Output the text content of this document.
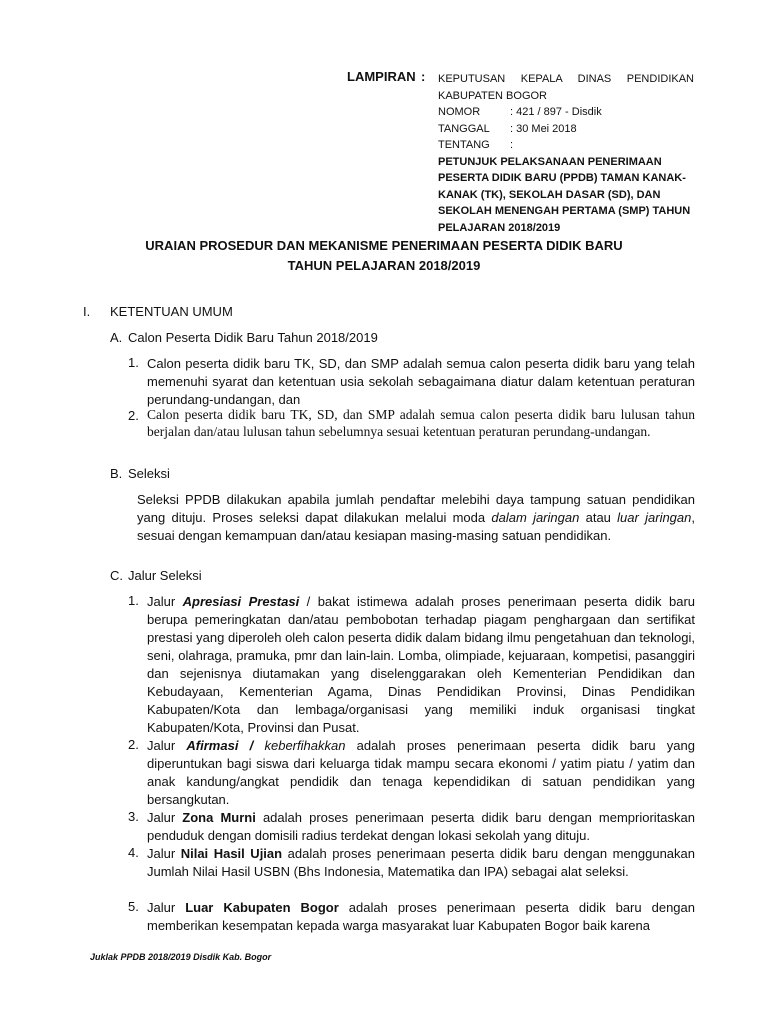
LAMPIRAN : KEPUTUSAN KEPALA DINAS PENDIDIKAN
KABUPATEN BOGOR
NOMOR	: 421 / 897 - Disdik
TANGGAL	: 30 Mei 2018
TENTANG	:
PETUNJUK PELAKSANAAN PENERIMAAN
PESERTA DIDIK BARU (PPDB) TAMAN KANAK-
KANAK (TK), SEKOLAH DASAR (SD), DAN
SEKOLAH MENENGAH PERTAMA (SMP) TAHUN
PELAJARAN 2018/2019
URAIAN PROSEDUR DAN MEKANISME PENERIMAAN PESERTA DIDIK BARU
TAHUN PELAJARAN 2018/2019
I. KETENTUAN UMUM
A. Calon Peserta Didik Baru Tahun 2018/2019
1. Calon peserta didik baru TK, SD, dan SMP adalah semua calon peserta didik baru yang telah memenuhi syarat dan ketentuan usia sekolah sebagaimana diatur dalam ketentuan peraturan perundang-undangan, dan
2. Calon peserta didik baru TK, SD, dan SMP adalah semua calon peserta didik baru lulusan tahun berjalan dan/atau lulusan tahun sebelumnya sesuai ketentuan peraturan perundang-undangan.
B. Seleksi
Seleksi PPDB dilakukan apabila jumlah pendaftar melebihi daya tampung satuan pendidikan yang dituju. Proses seleksi dapat dilakukan melalui moda dalam jaringan atau luar jaringan, sesuai dengan kemampuan dan/atau kesiapan masing-masing satuan pendidikan.
C. Jalur Seleksi
1. Jalur Apresiasi Prestasi / bakat istimewa adalah proses penerimaan peserta didik baru berupa pemeringkatan dan/atau pembobotan terhadap piagam penghargaan dan sertifikat prestasi yang diperoleh oleh calon peserta didik dalam bidang ilmu pengetahuan dan teknologi, seni, olahraga, pramuka, pmr dan lain-lain. Lomba, olimpiade, kejuaraan, kompetisi, pasanggiri dan sejenisnya diutamakan yang diselenggarakan oleh Kementerian Pendidikan dan Kebudayaan, Kementerian Agama, Dinas Pendidikan Provinsi, Dinas Pendidikan Kabupaten/Kota dan lembaga/organisasi yang memiliki induk organisasi tingkat Kabupaten/Kota, Provinsi dan Pusat.
2. Jalur Afirmasi / keberfihakkan adalah proses penerimaan peserta didik baru yang diperuntukan bagi siswa dari keluarga tidak mampu secara ekonomi / yatim piatu / yatim dan anak kandung/angkat pendidik dan tenaga kependidikan di satuan pendidikan yang bersangkutan.
3. Jalur Zona Murni adalah proses penerimaan peserta didik baru dengan memprioritaskan penduduk dengan domisili radius terdekat dengan lokasi sekolah yang dituju.
4. Jalur Nilai Hasil Ujian adalah proses penerimaan peserta didik baru dengan menggunakan Jumlah Nilai Hasil USBN (Bhs Indonesia, Matematika dan IPA) sebagai alat seleksi.
5. Jalur Luar Kabupaten Bogor adalah proses penerimaan peserta didik baru dengan memberikan kesempatan kepada warga masyarakat luar Kabupaten Bogor baik karena
Juklak PPDB 2018/2019 Disdik Kab. Bogor
